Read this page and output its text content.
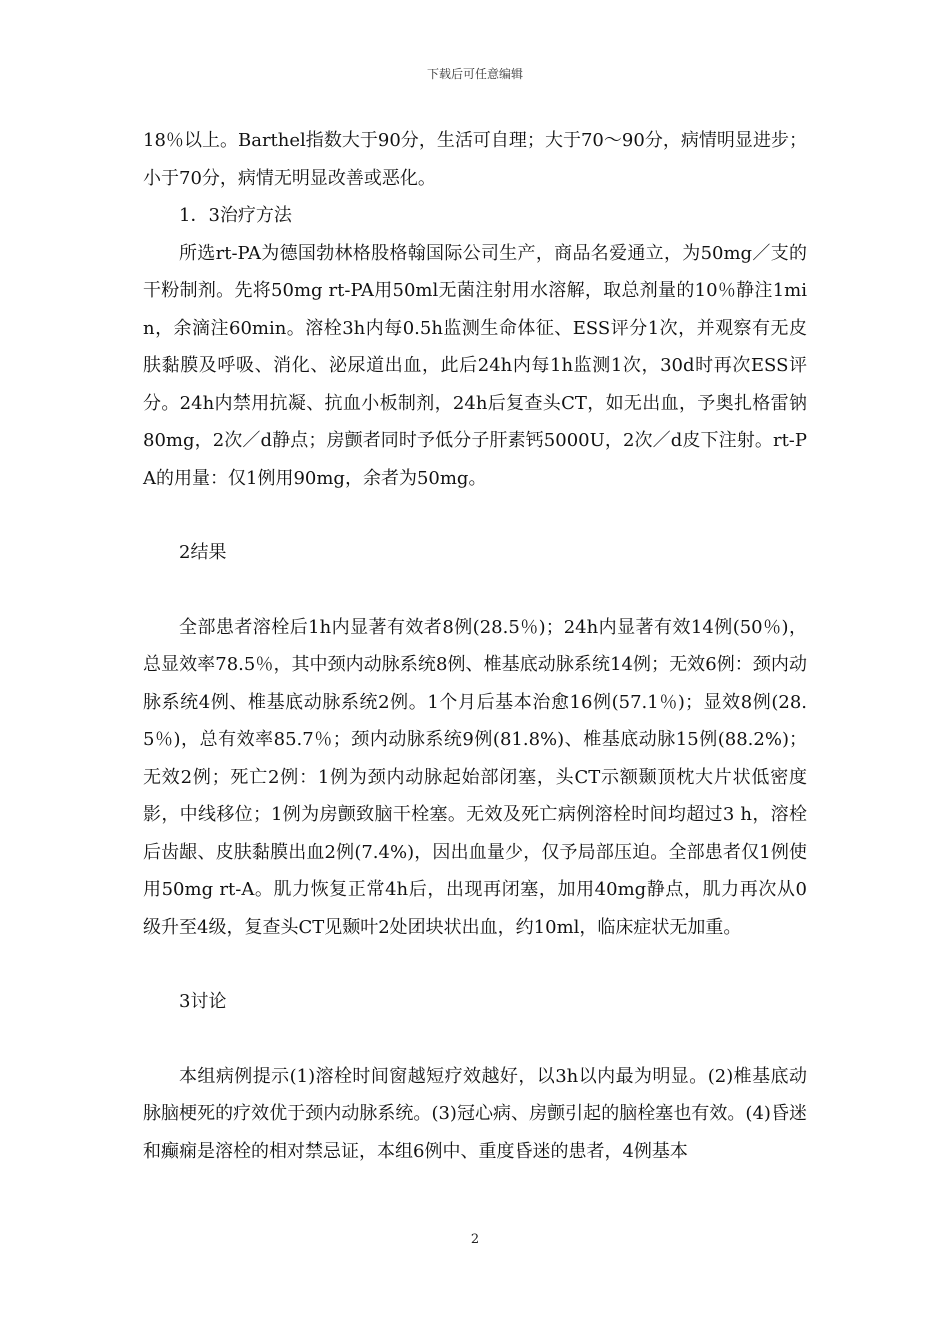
下载后可任意编辑

18％以上。Barthel指数大于90分，生活可自理；大于70～90分，病情明显进步；小于70分，病情无明显改善或恶化。

1．3治疗方法

所选rt-PA为德国勃林格股格翰国际公司生产，商品名爱通立，为50mg／支的干粉制剂。先将50mg rt-PA用50ml无菌注射用水溶解，取总剂量的10％静注1min，余滴注60min。溶栓3h内每0.5h监测生命体征、ESS评分1次，并观察有无皮肤黏膜及呼吸、消化、泌尿道出血，此后24h内每1h监测1次，30d时再次ESS评分。24h内禁用抗凝、抗血小板制剂，24h后复查头CT，如无出血，予奥扎格雷钠80mg，2次／d静点；房颤者同时予低分子肝素钙5000U，2次／d皮下注射。rt-PA的用量：仅1例用90mg，余者为50mg。

2结果

全部患者溶栓后1h内显著有效者8例(28.5％)；24h内显著有效14例(50％)，总显效率78.5％，其中颈内动脉系统8例、椎基底动脉系统14例；无效6例：颈内动脉系统4例、椎基底动脉系统2例。1个月后基本治愈16例(57.1％)；显效8例(28.5％)，总有效率85.7％；颈内动脉系统9例(81.8%)、椎基底动脉15例(88.2%)；无效2例；死亡2例：1例为颈内动脉起始部闭塞，头CT示额颞顶枕大片状低密度影，中线移位；1例为房颤致脑干栓塞。无效及死亡病例溶栓时间均超过3 h，溶栓后齿龈、皮肤黏膜出血2例(7.4%)，因出血量少，仅予局部压迫。全部患者仅1例使用50mg rt-A。肌力恢复正常4h后，出现再闭塞，加用40mg静点，肌力再次从0级升至4级，复查头CT见颞叶2处团块状出血，约10ml，临床症状无加重。

3讨论

本组病例提示(1)溶栓时间窗越短疗效越好，以3h以内最为明显。(2)椎基底动脉脑梗死的疗效优于颈内动脉系统。(3)冠心病、房颤引起的脑栓塞也有效。(4)昏迷和癫痫是溶栓的相对禁忌证，本组6例中、重度昏迷的患者，4例基本

2
